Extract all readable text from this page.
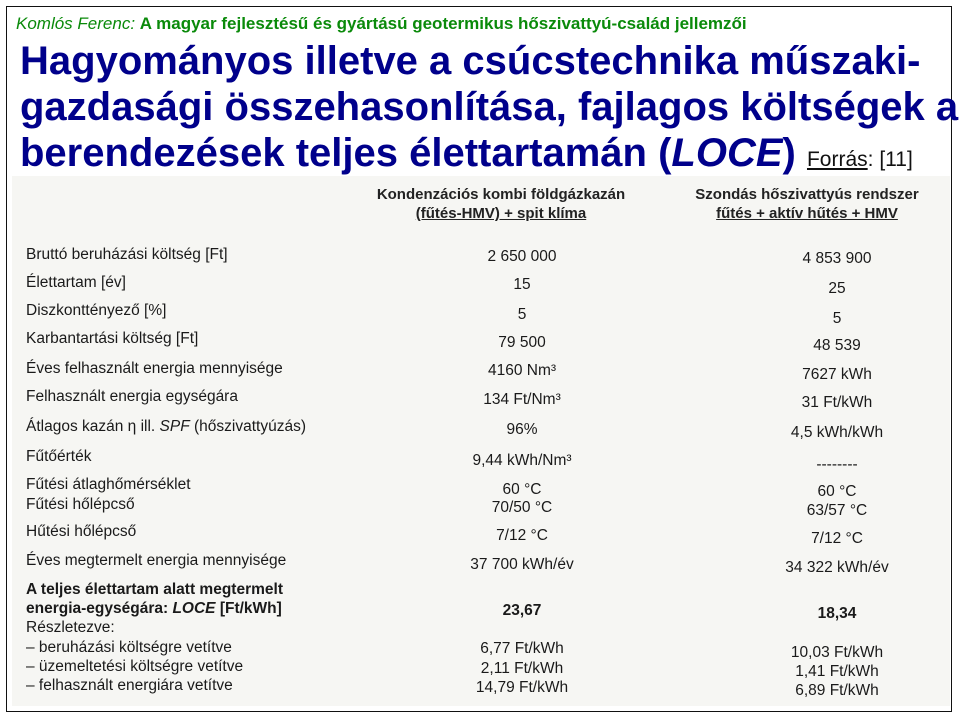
Komlós Ferenc: A magyar fejlesztésű és gyártású geotermikus hőszivattyú-család jellemzői
Hagyományos illetve a csúcstechnika műszaki-
gazdasági összehasonlítása, fajlagos költségek a
berendezések teljes élettartamán (LOCE) Forrás: [11]
Kondenzációs kombi földgázkazán
(fűtés-HMV) + spit klíma
Szondás hőszivattyús rendszer
fűtés + aktív hűtés + HMV
Bruttó beruházási költség [Ft]	2 650 000	4 853 900
Élettartam [év]	15	25
Diszkonttényező [%]	5	5
Karbantartási költség [Ft]	79 500	48 539
Éves felhasznált energia mennyisége	4160 Nm³	7627 kWh
Felhasznált energia egységára	134 Ft/Nm³	31 Ft/kWh
Átlagos kazán η ill. SPF (hőszivattyúzás)	96%	4,5 kWh/kWh
Fűtőérték	9,44 kWh/Nm³	--------
Fűtési átlaghőmérséklet	60 °C	60 °C
Fűtési hőlépcső	70/50 °C	63/57 °C
Hűtési hőlépcső	7/12 °C	7/12 °C
Éves megtermelt energia mennyisége	37 700 kWh/év	34 322 kWh/év
A teljes élettartam alatt megtermelt
energia-egységára: LOCE [Ft/kWh]	23,67	18,34
Részletezve:
– beruházási költségre vetítve	6,77 Ft/kWh	10,03 Ft/kWh
– üzemeltetési költségre vetítve	2,11 Ft/kWh	1,41 Ft/kWh
– felhasznált energiára vetítve	14,79 Ft/kWh	6,89 Ft/kWh
